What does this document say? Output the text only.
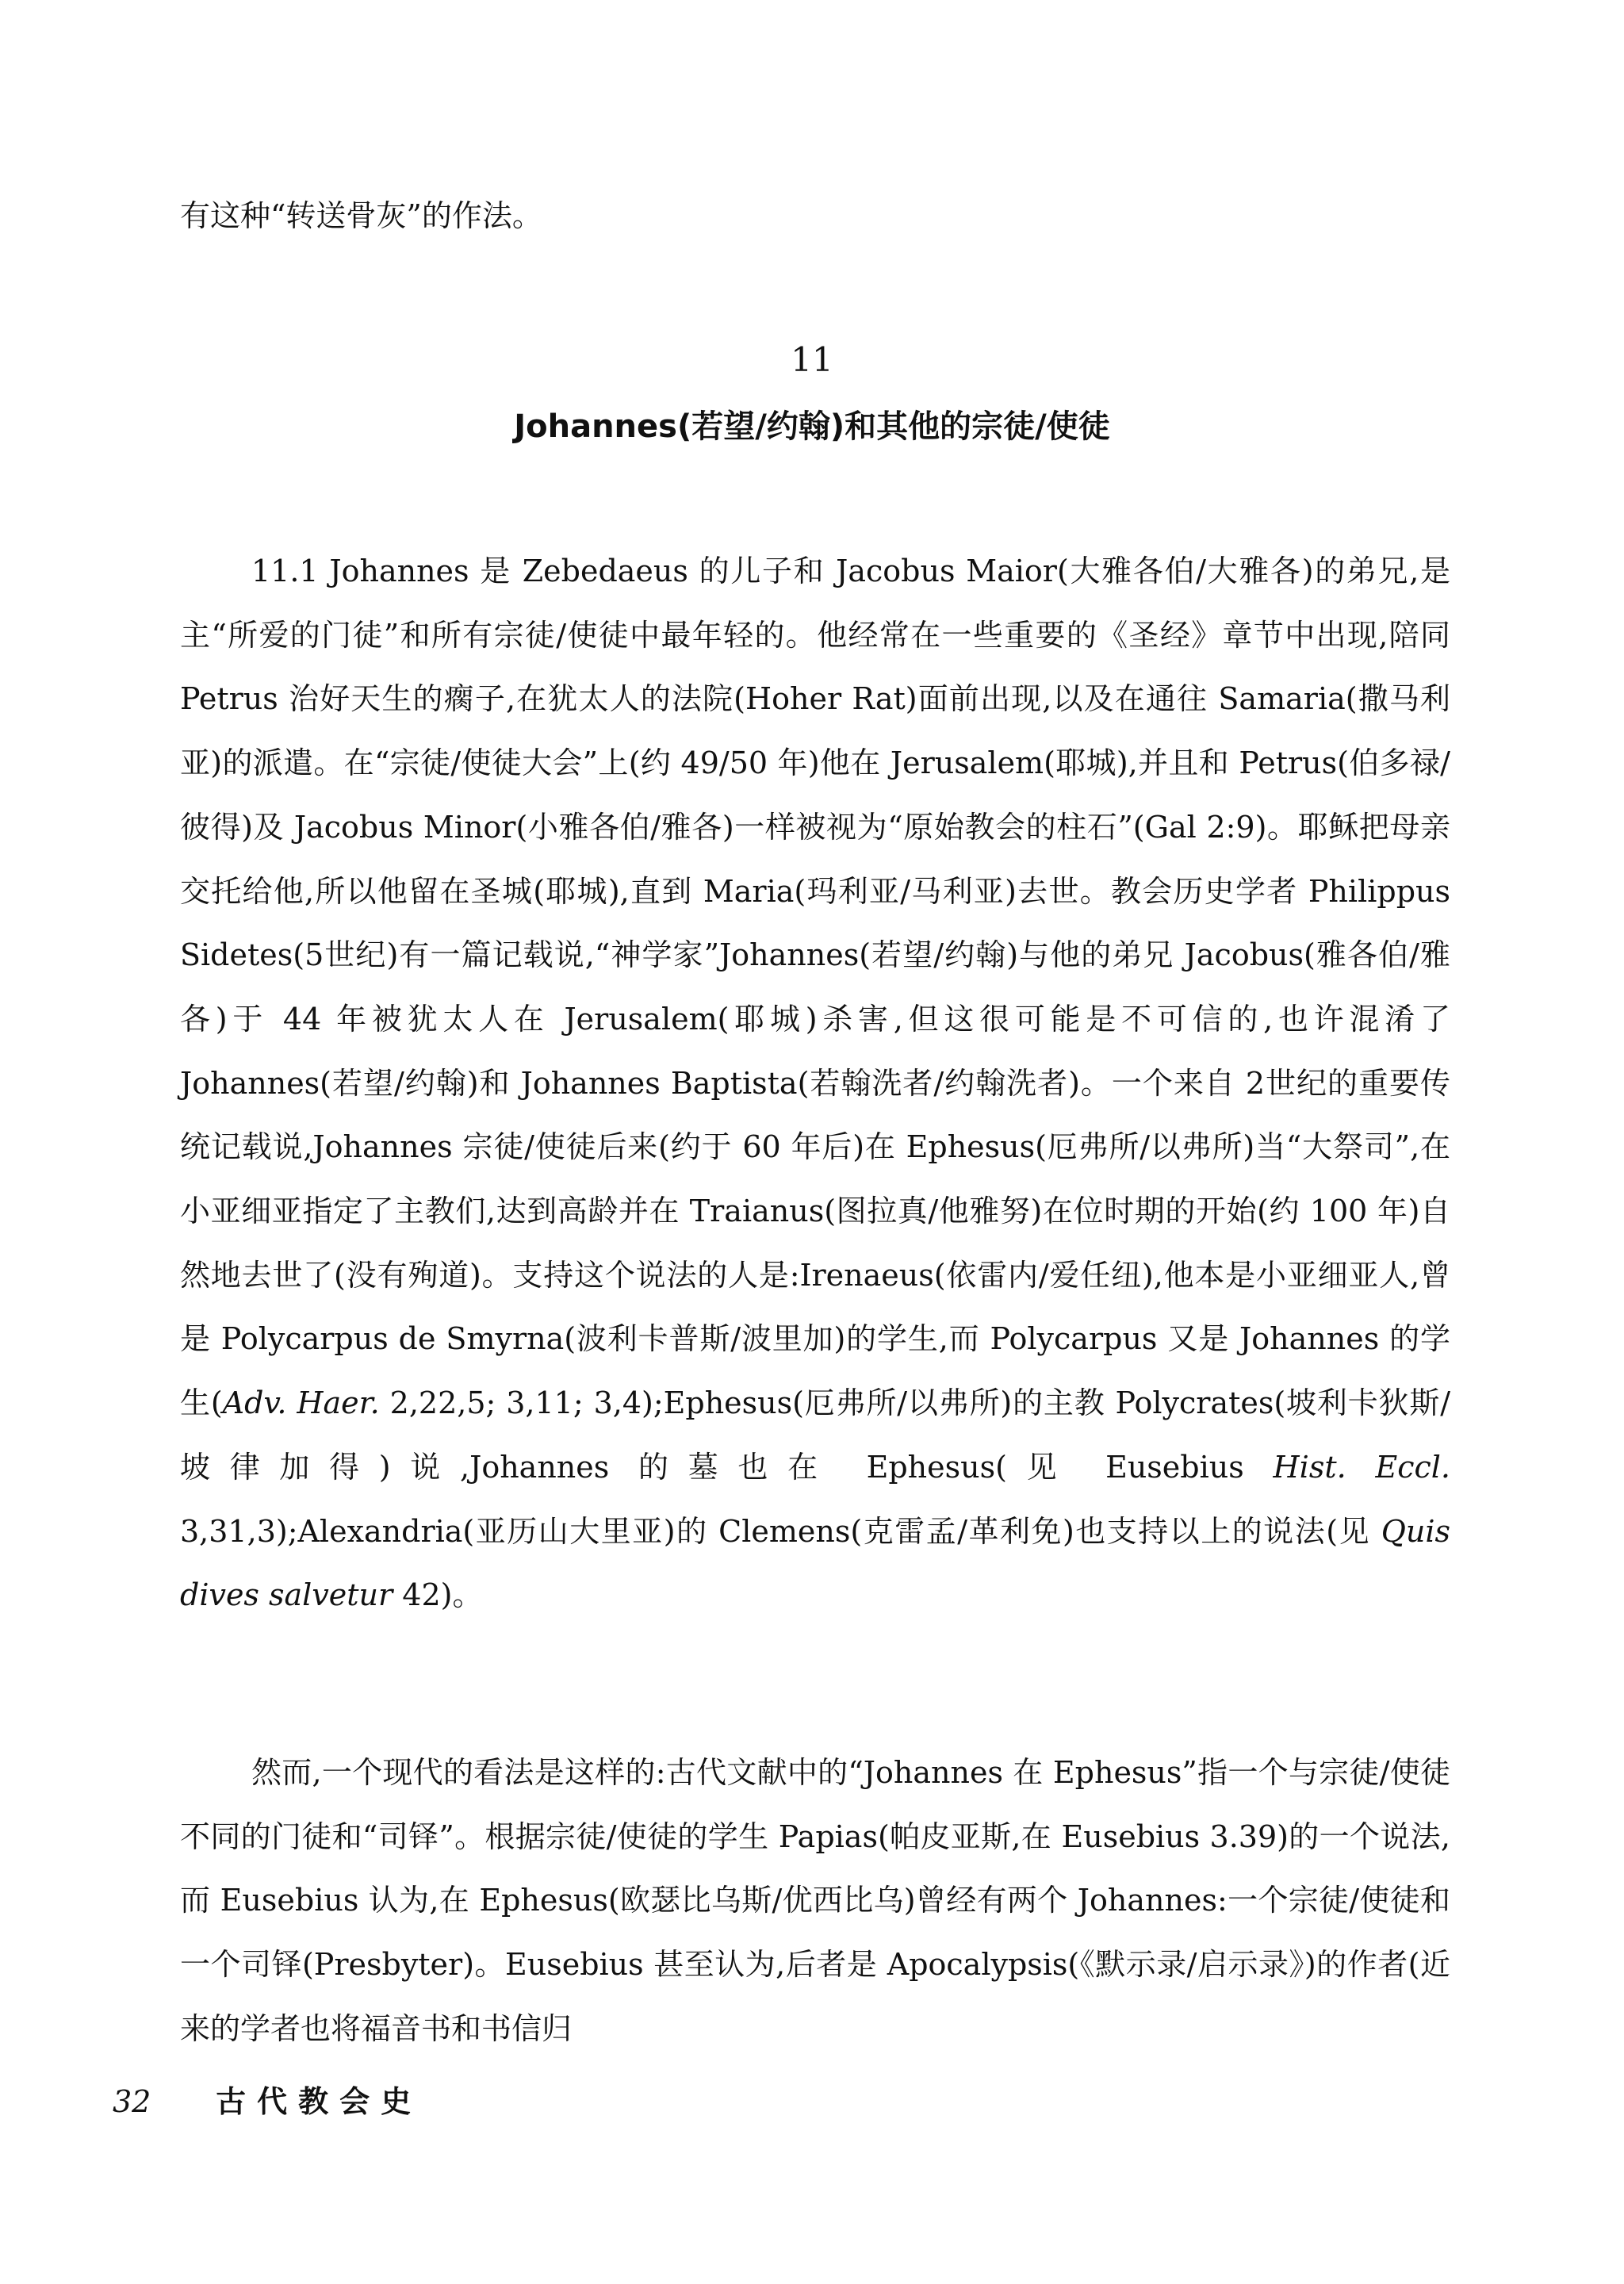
有这种“转送骨灰”的作法。
11
Johannes(若望/约翰)和其他的宗徒/使徒
11.1 Johannes 是 Zebedaeus 的儿子和 Jacobus Maior(大雅各伯/大雅各)的弟兄,是主“所爱的门徒”和所有宗徒/使徒中最年轻的。他经常在一些重要的《圣经》章节中出现,陪同 Petrus 治好天生的瘸子,在犹太人的法院(Hoher Rat)面前出现,以及在通往 Samaria(撒马利亚)的派遣。在“宗徒/使徒大会”上(约 49/50 年)他在 Jerusalem(耶城),并且和 Petrus(伯多禄/彼得)及 Jacobus Minor(小雅各伯/雅各)一样被视为“原始教会的柱石”(Gal 2:9)。耶稣把母亲交托给他,所以他留在圣城(耶城),直到 Maria(玛利亚/马利亚)去世。教会历史学者 Philippus Sidetes(5世纪)有一篇记载说,“神学家”Johannes(若望/约翰)与他的弟兄 Jacobus(雅各伯/雅各)于 44 年被犹太人在 Jerusalem(耶城)杀害,但这很可能是不可信的,也许混淆了 Johannes(若望/约翰)和 Johannes Baptista(若翰洗者/约翰洗者)。一个来自 2世纪的重要传统记载说,Johannes 宗徒/使徒后来(约于 60 年后)在 Ephesus(厄弗所/以弗所)当“大祭司”,在小亚细亚指定了主教们,达到高龄并在 Traianus(图拉真/他雅努)在位时期的开始(约 100 年)自然地去世了(没有殉道)。支持这个说法的人是:Irenaeus(依雷内/爱任纽),他本是小亚细亚人,曾是 Polycarpus de Smyrna(波利卡普斯/波里加)的学生,而 Polycarpus 又是 Johannes 的学生(Adv. Haer. 2,22,5; 3,11; 3,4);Ephesus(厄弗所/以弗所)的主教 Polycrates(坡利卡狄斯/坡律加得)说,Johannes 的墓也在 Ephesus(见 Eusebius Hist. Eccl. 3,31,3);Alexandria(亚历山大里亚)的 Clemens(克雷孟/革利免)也支持以上的说法(见 Quis dives salvetur 42)。
然而,一个现代的看法是这样的:古代文献中的“Johannes 在 Ephesus”指一个与宗徒/使徒不同的门徒和“司铎”。根据宗徒/使徒的学生 Papias(帕皮亚斯,在 Eusebius 3.39)的一个说法,而 Eusebius 认为,在 Ephesus(欧瑟比乌斯/优西比乌)曾经有两个 Johannes:一个宗徒/使徒和一个司铎(Presbyter)。Eusebius 甚至认为,后者是 Apocalypsis(《默示录/启示录》)的作者(近来的学者也将福音书和书信归
32 古代教会史
